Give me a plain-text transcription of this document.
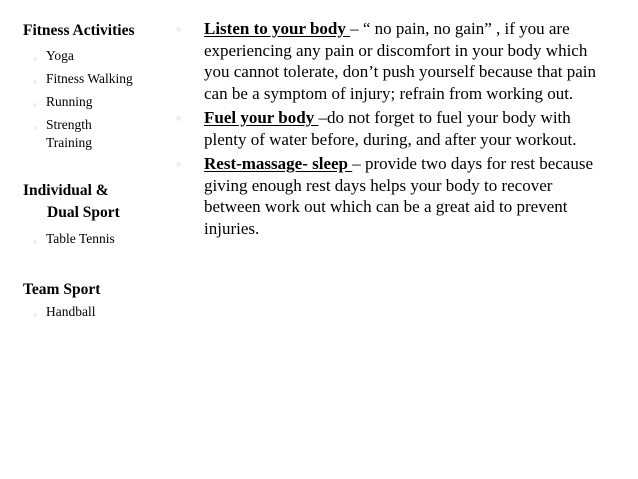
Fitness Activities

Yoga

Fitness Walking

Running

Strength

Training

Individual &
Dual Sport

Table Tennis

Team Sport

Handball

Listen to your body – “ no pain, no gain” , if you are experiencing any pain or discomfort in your body which you cannot tolerate, don’t push yourself because that pain can be a symptom of injury; refrain from working out.

Fuel your body –do not forget to fuel your body with plenty of water before, during, and after your workout.

Rest-massage- sleep – provide two days for rest because giving enough rest days helps your body to recover between work out which can be a great aid to prevent injuries.
